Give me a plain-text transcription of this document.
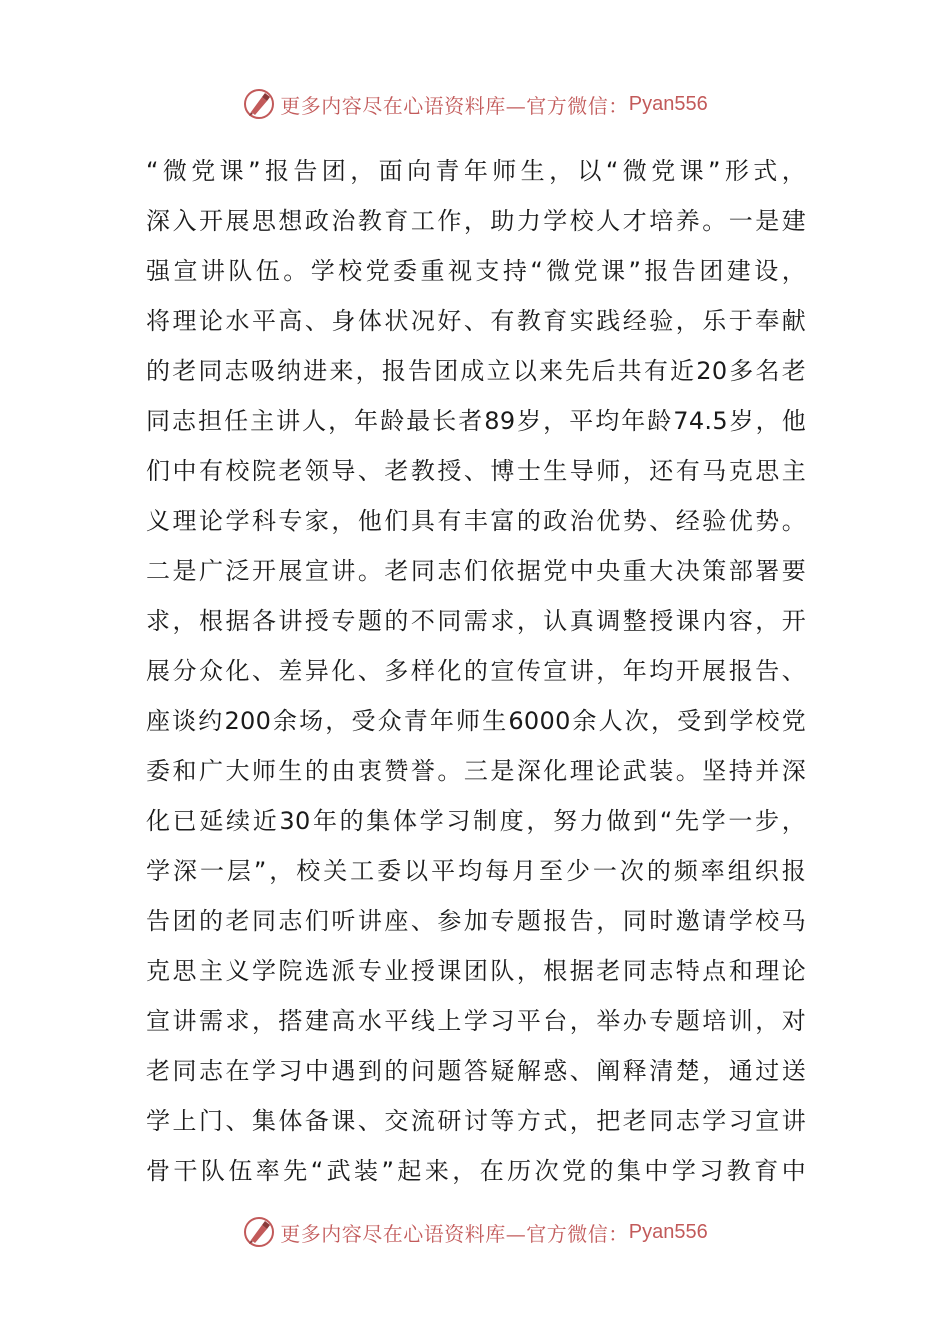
更多内容尽在心语资料库—官方微信： Pyan556
“微党课”报告团，面向青年师生，以“微党课”形式，
深入开展思想政治教育工作，助力学校人才培养。一是建
强宣讲队伍。学校党委重视支持“微党课”报告团建设，
将理论水平高、身体状况好、有教育实践经验，乐于奉献
的老同志吸纳进来，报告团成立以来先后共有近20多名老
同志担任主讲人，年龄最长者89岁，平均年龄74.5岁，他
们中有校院老领导、老教授、博士生导师，还有马克思主
义理论学科专家，他们具有丰富的政治优势、经验优势。
二是广泛开展宣讲。老同志们依据党中央重大决策部署要
求，根据各讲授专题的不同需求，认真调整授课内容，开
展分众化、差异化、多样化的宣传宣讲，年均开展报告、
座谈约200余场，受众青年师生6000余人次，受到学校党
委和广大师生的由衷赞誉。三是深化理论武装。坚持并深
化已延续近30年的集体学习制度，努力做到“先学一步，
学深一层”，校关工委以平均每月至少一次的频率组织报
告团的老同志们听讲座、参加专题报告，同时邀请学校马
克思主义学院选派专业授课团队，根据老同志特点和理论
宣讲需求，搭建高水平线上学习平台，举办专题培训，对
老同志在学习中遇到的问题答疑解惑、阐释清楚，通过送
学上门、集体备课、交流研讨等方式，把老同志学习宣讲
骨干队伍率先“武装”起来，在历次党的集中学习教育中
更多内容尽在心语资料库—官方微信： Pyan556
